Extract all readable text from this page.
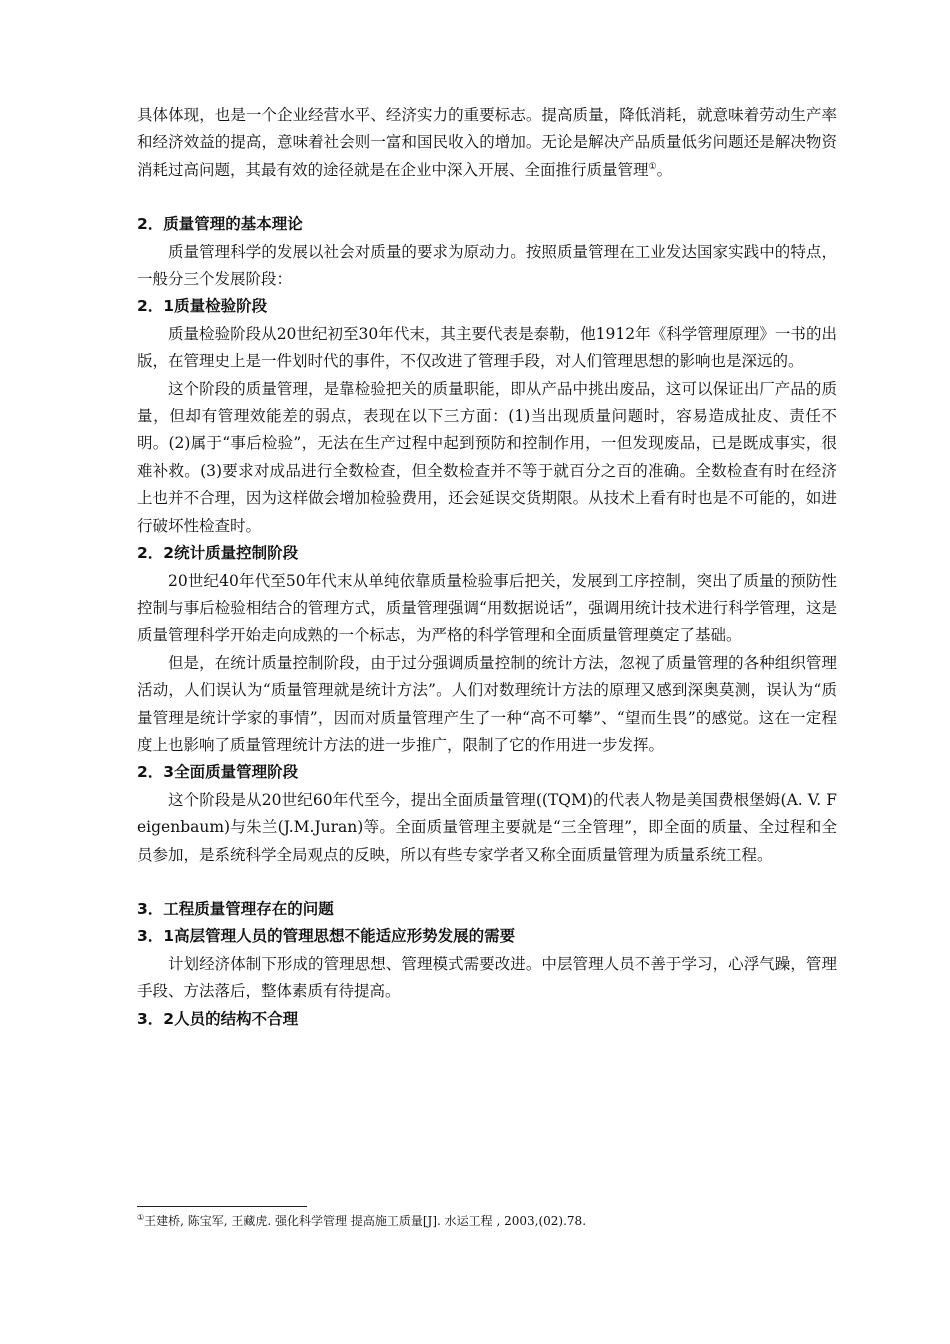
具体体现，也是一个企业经营水平、经济实力的重要标志。提高质量，降低消耗，就意味着劳动生产率和经济效益的提高，意味着社会则一富和国民收入的增加。无论是解决产品质量低劣问题还是解决物资消耗过高问题，其最有效的途径就是在企业中深入开展、全面推行质量管理①。

2．质量管理的基本理论

质量管理科学的发展以社会对质量的要求为原动力。按照质量管理在工业发达国家实践中的特点，一般分三个发展阶段：

2．1质量检验阶段

质量检验阶段从20世纪初至30年代末，其主要代表是泰勒，他1912年《科学管理原理》一书的出版，在管理史上是一件划时代的事件，不仅改进了管理手段，对人们管理思想的影响也是深远的。

这个阶段的质量管理，是靠检验把关的质量职能，即从产品中挑出废品，这可以保证出厂产品的质量，但却有管理效能差的弱点，表现在以下三方面：(1)当出现质量问题时，容易造成扯皮、责任不明。(2)属于“事后检验”，无法在生产过程中起到预防和控制作用，一但发现废品，已是既成事实，很难补救。(3)要求对成品进行全数检查，但全数检查并不等于就百分之百的准确。全数检查有时在经济上也并不合理，因为这样做会增加检验费用，还会延误交货期限。从技术上看有时也是不可能的，如进行破坏性检查时。

2．2统计质量控制阶段

20世纪40年代至50年代末从单纯依靠质量检验事后把关，发展到工序控制，突出了质量的预防性控制与事后检验相结合的管理方式，质量管理强调“用数据说话”，强调用统计技术进行科学管理，这是质量管理科学开始走向成熟的一个标志，为严格的科学管理和全面质量管理奠定了基础。

但是，在统计质量控制阶段，由于过分强调质量控制的统计方法，忽视了质量管理的各种组织管理活动，人们误认为“质量管理就是统计方法”。人们对数理统计方法的原理又感到深奥莫测，误认为“质量管理是统计学家的事情”，因而对质量管理产生了一种“高不可攀”、“望而生畏”的感觉。这在一定程度上也影响了质量管理统计方法的进一步推广，限制了它的作用进一步发挥。

2．3全面质量管理阶段

这个阶段是从20世纪60年代至今，提出全面质量管理((TQM)的代表人物是美国费根堡姆(A. V. Feigenbaum)与朱兰(J.M.Juran)等。全面质量管理主要就是“三全管理”，即全面的质量、全过程和全员参加，是系统科学全局观点的反映，所以有些专家学者又称全面质量管理为质量系统工程。

3．工程质量管理存在的问题
3．1高层管理人员的管理思想不能适应形势发展的需要

计划经济体制下形成的管理思想、管理模式需要改进。中层管理人员不善于学习，心浮气躁，管理手段、方法落后，整体素质有待提高。

3．2人员的结构不合理
①王建桥, 陈宝军, 王藏虎. 强化科学管理 提高施工质量[J]. 水运工程 , 2003,(02).78.
